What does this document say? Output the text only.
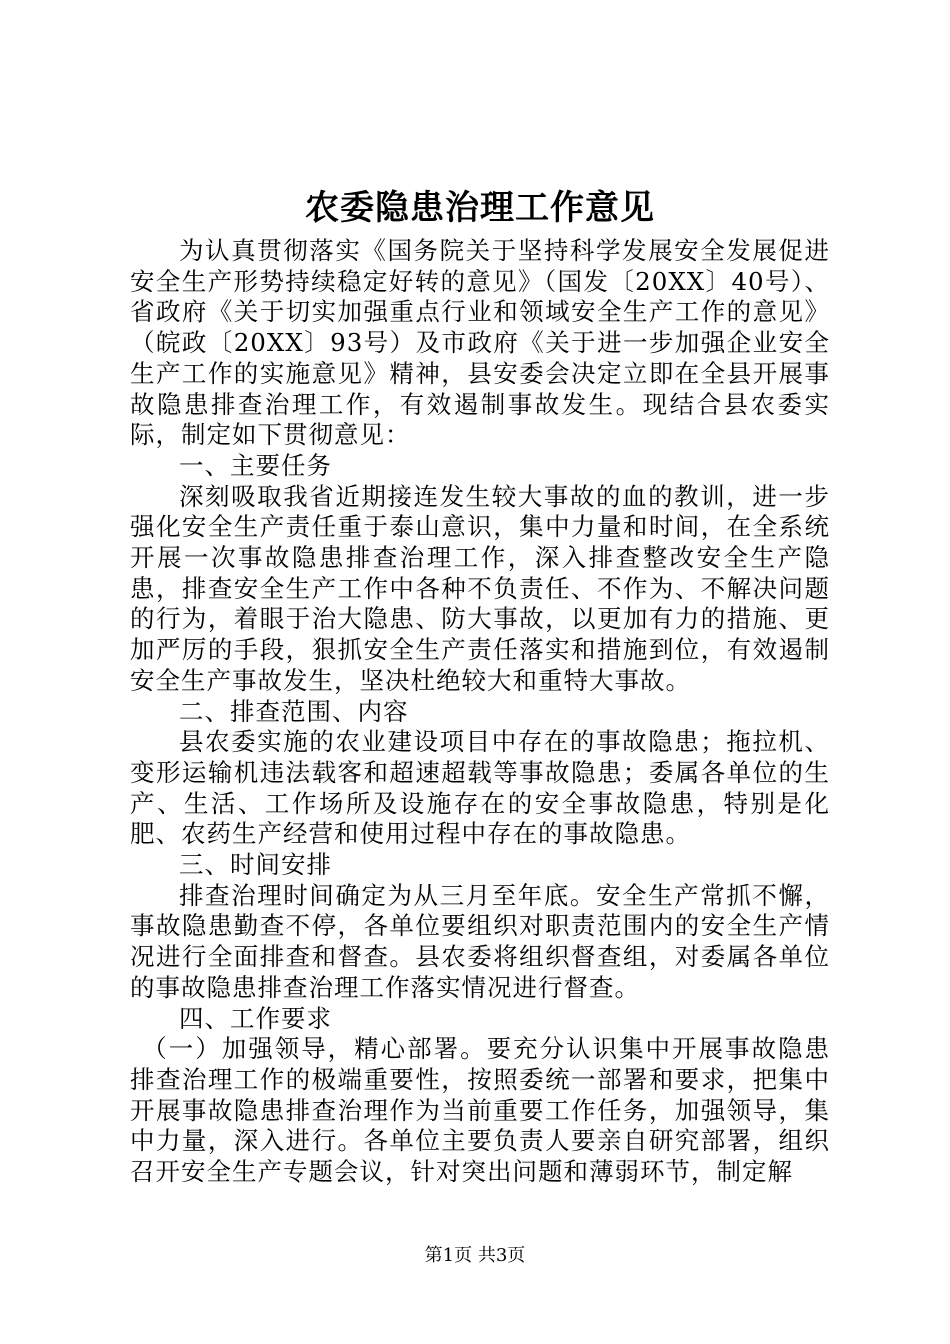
农委隐患治理工作意见

为认真贯彻落实《国务院关于坚持科学发展安全发展促进安全生产形势持续稳定好转的意见》（国发〔20XX〕40号）、省政府《关于切实加强重点行业和领域安全生产工作的意见》（皖政〔20XX〕93号）及市政府《关于进一步加强企业安全生产工作的实施意见》精神，县安委会决定立即在全县开展事故隐患排查治理工作，有效遏制事故发生。现结合县农委实际，制定如下贯彻意见：

一、主要任务

深刻吸取我省近期接连发生较大事故的血的教训，进一步强化安全生产责任重于泰山意识，集中力量和时间，在全系统开展一次事故隐患排查治理工作，深入排查整改安全生产隐患，排查安全生产工作中各种不负责任、不作为、不解决问题的行为，着眼于治大隐患、防大事故，以更加有力的措施、更加严厉的手段，狠抓安全生产责任落实和措施到位，有效遏制安全生产事故发生，坚决杜绝较大和重特大事故。

二、排查范围、内容

县农委实施的农业建设项目中存在的事故隐患；拖拉机、变形运输机违法载客和超速超载等事故隐患；委属各单位的生产、生活、工作场所及设施存在的安全事故隐患，特别是化肥、农药生产经营和使用过程中存在的事故隐患。

三、时间安排

排查治理时间确定为从三月至年底。安全生产常抓不懈，事故隐患勤查不停，各单位要组织对职责范围内的安全生产情况进行全面排查和督查。县农委将组织督查组，对委属各单位的事故隐患排查治理工作落实情况进行督查。

四、工作要求

（一）加强领导，精心部署。要充分认识集中开展事故隐患排查治理工作的极端重要性，按照委统一部署和要求，把集中开展事故隐患排查治理作为当前重要工作任务，加强领导，集中力量，深入进行。各单位主要负责人要亲自研究部署，组织召开安全生产专题会议，针对突出问题和薄弱环节，制定解

第1页 共3页
